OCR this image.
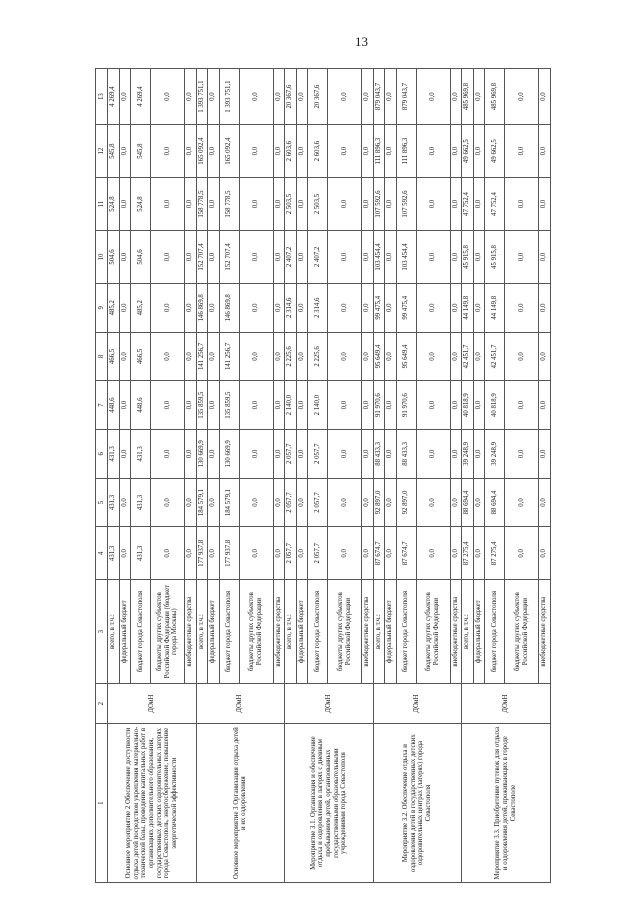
13
1	2	3	4	5	6	7	8	9	10	11	12	13
Основное мероприятие 2 Обеспечение доступности отдыха детей посредством укрепления материально-технической базы, проведение капитальных работ в организациях дополнительного образования, государственных детских оздоровительных лагерях города Севастополь, энергосбережение, повышение энергетической эффективности	ДОиН	всего, в т.ч.:	431,3	431,3	431,3	448,6	466,5	485,2	504,6	524,8	545,8	4 269,4
		федеральный бюджет	0,0	0,0	0,0	0,0	0,0	0,0	0,0	0,0	0,0	0,0
		бюджет города Севастополя	431,3	431,3	431,3	448,6	466,5	485,2	504,6	524,8	545,8	4 269,4
		бюджеты других субъектов Российской Федерации (бюджет города Москвы)	0,0	0,0	0,0	0,0	0,0	0,0	0,0	0,0	0,0	0,0
		внебюджетные средства	0,0	0,0	0,0	0,0	0,0	0,0	0,0	0,0	0,0	0,0
Основное мероприятие 3 Организация отдыха детей и их оздоровления	ДОиН	всего, в т.ч.:	177 937,8	184 579,1	130 669,9	135 859,5	141 256,7	146 869,8	152 707,4	158 778,5	165 092,4	1 393 751,1
		федеральный бюджет	0,0	0,0	0,0	0,0	0,0	0,0	0,0	0,0	0,0	0,0
		бюджет города Севастополя	177 937,8	184 579,1	130 669,9	135 859,5	141 256,7	146 869,8	152 707,4	158 778,5	165 092,4	1 393 751,1
		бюджеты других субъектов Российской Федерации	0,0	0,0	0,0	0,0	0,0	0,0	0,0	0,0	0,0	0,0
		внебюджетные средства	0,0	0,0	0,0	0,0	0,0	0,0	0,0	0,0	0,0	0,0
Мероприятие 3.1. Организация и обеспечение отдыха и оздоровления в лагерях с дневным пребыванием детей, организованных государственными образовательными учреждениями города Севастополя	ДОиН	всего, в т.ч.:	2 057,7	2 057,7	2 057,7	2 140,0	2 225,6	2 314,6	2 407,2	2 503,5	2 603,6	20 367,6
		федеральный бюджет	0,0	0,0	0,0	0,0	0,0	0,0	0,0	0,0	0,0	0,0
		бюджет города Севастополя	2 057,7	2 057,7	2 057,7	2 140,0	2 225,6	2 314,6	2 407,2	2 503,5	2 603,6	20 367,6
		бюджеты других субъектов Российской Федерации	0,0	0,0	0,0	0,0	0,0	0,0	0,0	0,0	0,0	0,0
		внебюджетные средства	0,0	0,0	0,0	0,0	0,0	0,0	0,0	0,0	0,0	0,0
Мероприятие 3.2. Обеспечение отдыха и оздоровления детей в государственных детских оздоровительных центрах (лагерях) города Севастополя	ДОиН	всего, в т.ч.:	87 674,7	92 897,0	88 433,3	91 970,6	95 649,4	99 475,4	103 454,4	107 592,6	111 896,3	879 043,7
		федеральный бюджет	0,0	0,0	0,0	0,0	0,0	0,0	0,0	0,0	0,0	0,0
		бюджет города Севастополя	87 674,7	92 897,0	88 433,3	91 970,6	95 649,4	99 475,4	103 454,4	107 592,6	111 896,3	879 043,7
		бюджеты других субъектов Российской Федерации	0,0	0,0	0,0	0,0	0,0	0,0	0,0	0,0	0,0	0,0
		внебюджетные средства	0,0	0,0	0,0	0,0	0,0	0,0	0,0	0,0	0,0	0,0
Мероприятие 3.3. Приобретение путевок для отдыха и оздоровления детей, проживающих в городе Севастополе	ДОиН	всего, в т.ч.:	87 275,4	88 694,4	39 248,9	40 818,9	42 451,7	44 149,8	45 915,8	47 752,4	49 662,5	485 969,8
		федеральный бюджет	0,0	0,0	0,0	0,0	0,0	0,0	0,0	0,0	0,0	0,0
		бюджет города Севастополя	87 275,4	88 694,4	39 248,9	40 818,9	42 451,7	44 149,8	45 915,8	47 752,4	49 662,5	485 969,8
		бюджеты других субъектов Российской Федерации	0,0	0,0	0,0	0,0	0,0	0,0	0,0	0,0	0,0	0,0
		внебюджетные средства	0,0	0,0	0,0	0,0	0,0	0,0	0,0	0,0	0,0	0,0
